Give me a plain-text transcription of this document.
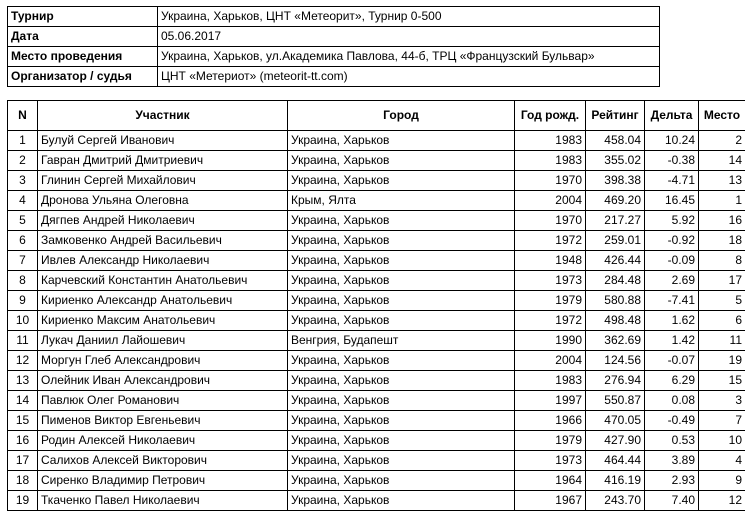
Турнир	Украина, Харьков, ЦНТ «Метеорит», Турнир 0-500
Дата	05.06.2017
Место проведения	Украина, Харьков, ул.Академика Павлова, 44-б, ТРЦ «Французский Бульвар»
Организатор / судья	ЦНТ «Метериот» (meteorit-tt.com)
N	Участник	Город	Год рожд.	Рейтинг	Дельта	Место
1	Булуй Сергей Иванович	Украина, Харьков	1983	458.04	10.24	2
2	Гавран Дмитрий Дмитриевич	Украина, Харьков	1983	355.02	-0.38	14
3	Глинин Сергей Михайлович	Украина, Харьков	1970	398.38	-4.71	13
4	Дронова Ульяна Олеговна	Крым, Ялта	2004	469.20	16.45	1
5	Дягпев Андрей Николаевич	Украина, Харьков	1970	217.27	5.92	16
6	Замковенко Андрей Васильевич	Украина, Харьков	1972	259.01	-0.92	18
7	Ивлев Александр Николаевич	Украина, Харьков	1948	426.44	-0.09	8
8	Карчевский Константин Анатольевич	Украина, Харьков	1973	284.48	2.69	17
9	Кириенко Александр Анатольевич	Украина, Харьков	1979	580.88	-7.41	5
10	Кириенко Максим Анатольевич	Украина, Харьков	1972	498.48	1.62	6
11	Лукач Даниил Лайошевич	Венгрия, Будапешт	1990	362.69	1.42	11
12	Моргун Глеб Александрович	Украина, Харьков	2004	124.56	-0.07	19
13	Олейник Иван Александрович	Украина, Харьков	1983	276.94	6.29	15
14	Павлюк Олег Романович	Украина, Харьков	1997	550.87	0.08	3
15	Пименов Виктор Евгеньевич	Украина, Харьков	1966	470.05	-0.49	7
16	Родин Алексей Николаевич	Украина, Харьков	1979	427.90	0.53	10
17	Салихов Алексей Викторович	Украина, Харьков	1973	464.44	3.89	4
18	Сиренко Владимир Петрович	Украина, Харьков	1964	416.19	2.93	9
19	Ткаченко Павел Николаевич	Украина, Харьков	1967	243.70	7.40	12
